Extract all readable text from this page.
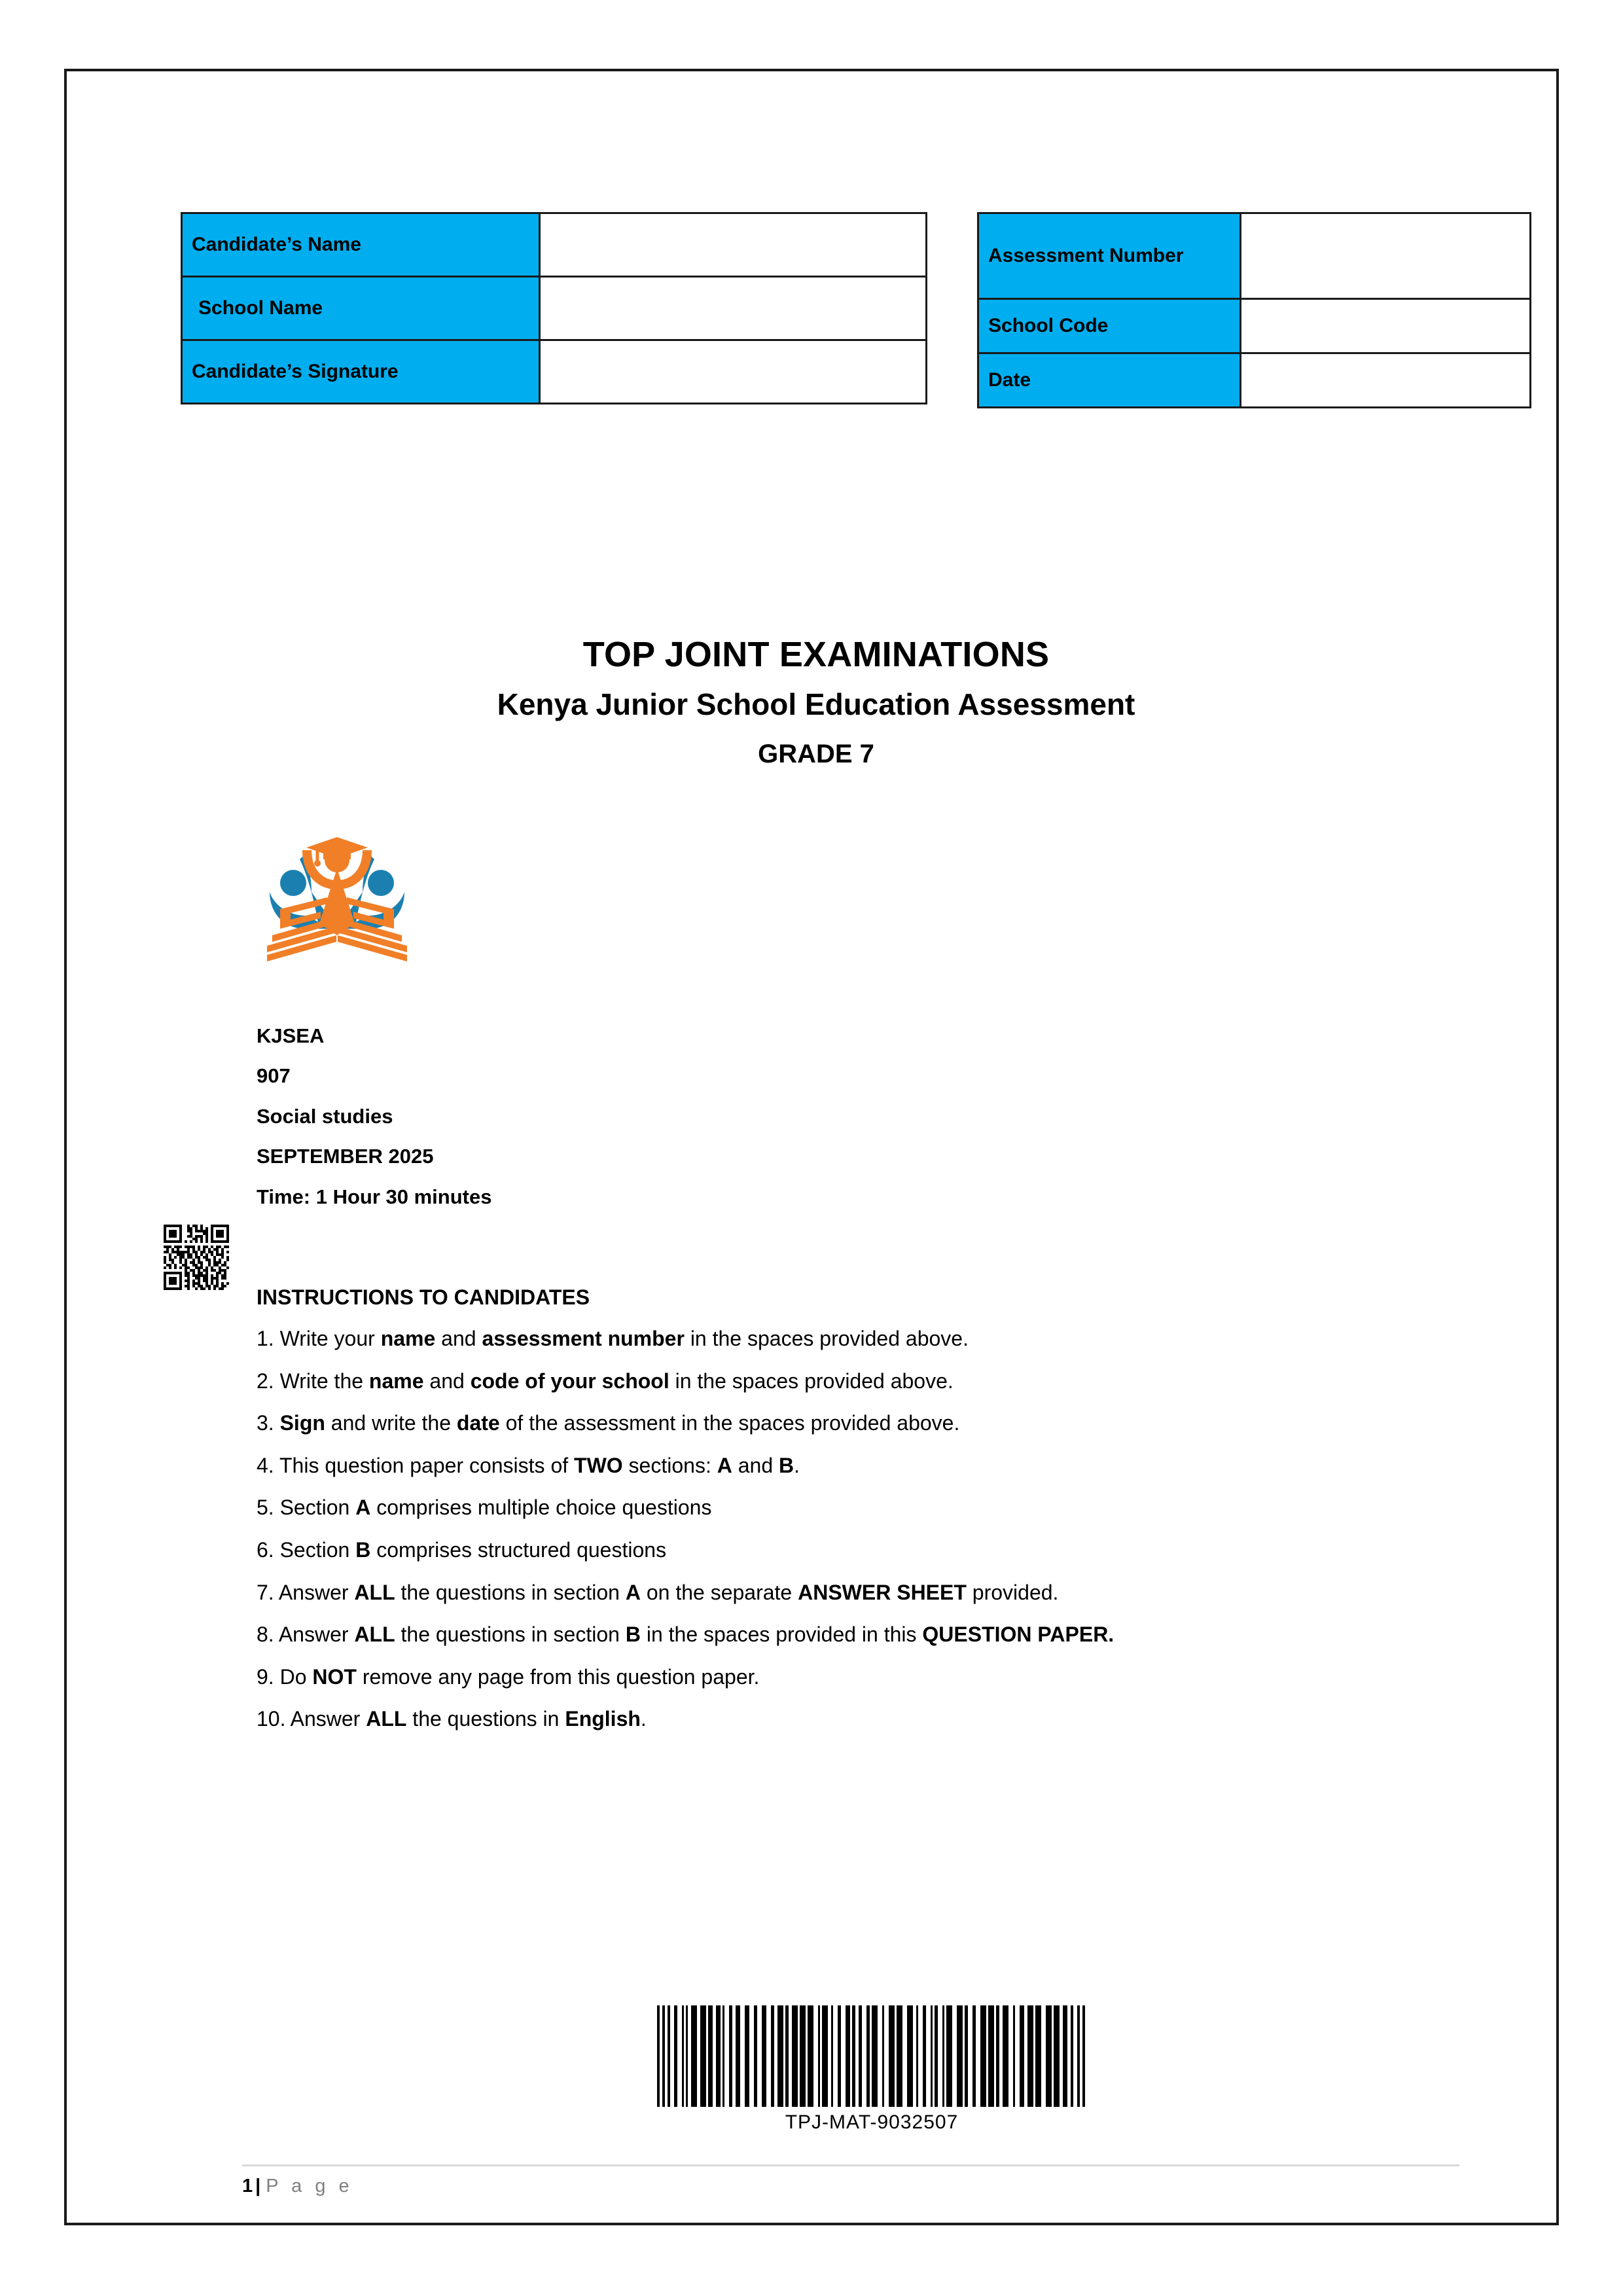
Candidate’s Name	
School Name	
Candidate’s Signature	
Assessment Number	
School Code	
Date	
TOP JOINT EXAMINATIONS
Kenya Junior School Education Assessment
GRADE 7
KJSEA
907
Social studies
SEPTEMBER 2025
Time: 1 Hour 30 minutes
INSTRUCTIONS TO CANDIDATES
1. Write your name and assessment number in the spaces provided above.
2. Write the name and code of your school in the spaces provided above.
3. Sign and write the date of the assessment in the spaces provided above.
4. This question paper consists of TWO sections: A and B.
5. Section A comprises multiple choice questions
6. Section B comprises structured questions
7. Answer ALL the questions in section A on the separate ANSWER SHEET provided.
8. Answer ALL the questions in section B in the spaces provided in this QUESTION PAPER.
9. Do NOT remove any page from this question paper.
10. Answer ALL the questions in English.
TPJ-MAT-9032507
1 | P a g e
